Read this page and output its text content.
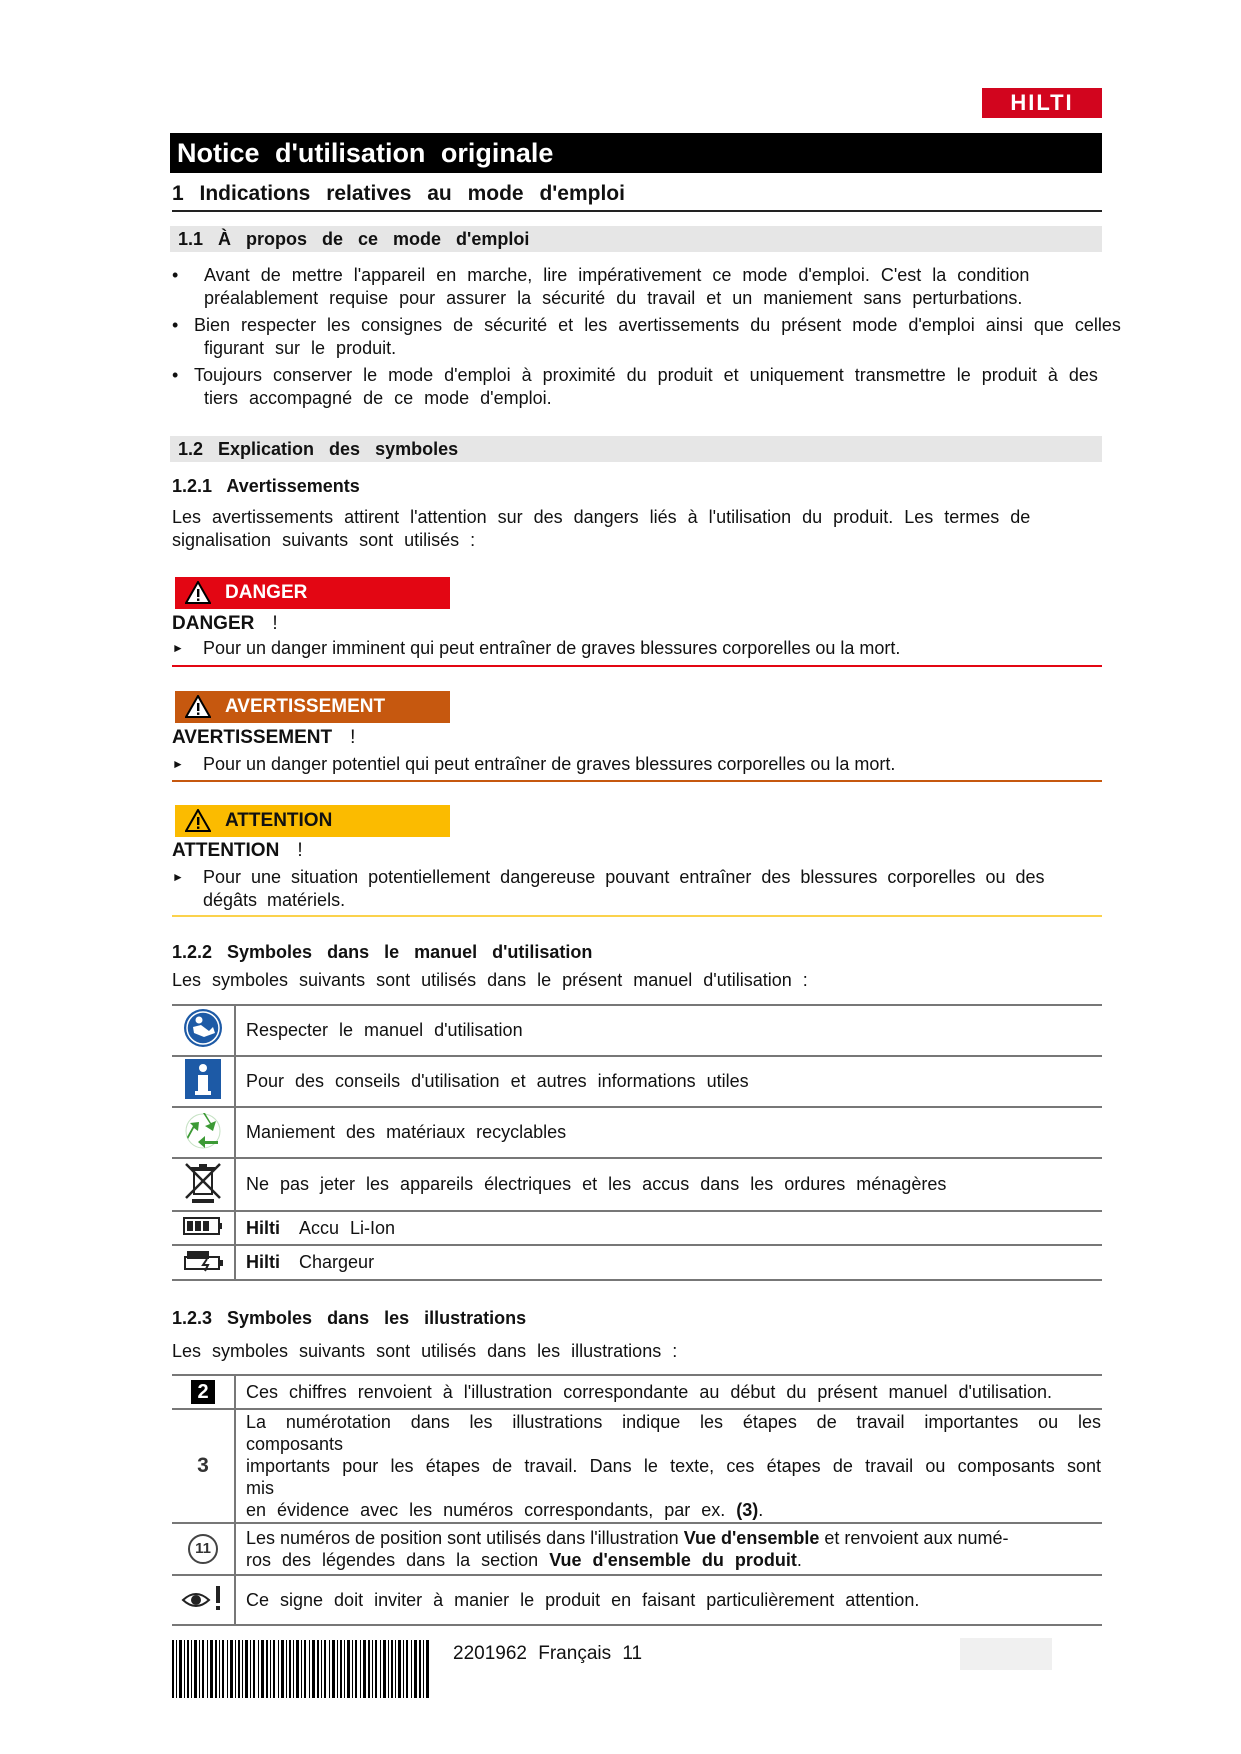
HILTI
Notice d'utilisation originale
1 Indications relatives au mode d'emploi
1.1 À propos de ce mode d'emploi
•	Avant de mettre l'appareil en marche, lire impérativement ce mode d'emploi. C'est la condition
préalablement requise pour assurer la sécurité du travail et un maniement sans perturbations.
• Bien respecter les consignes de sécurité et les avertissements du présent mode d'emploi ainsi que celles
figurant sur le produit.
• Toujours conserver le mode d'emploi à proximité du produit et uniquement transmettre le produit à des
tiers accompagné de ce mode d'emploi.
1.2 Explication des symboles
1.2.1 Avertissements
Les avertissements attirent l'attention sur des dangers liés à l'utilisation du produit. Les termes de
signalisation suivants sont utilisés :
DANGER
DANGER !
►	Pour un danger imminent qui peut entraîner de graves blessures corporelles ou la mort.
AVERTISSEMENT
AVERTISSEMENT !
►	Pour un danger potentiel qui peut entraîner de graves blessures corporelles ou la mort.
ATTENTION
ATTENTION !
►	Pour une situation potentiellement dangereuse pouvant entraîner des blessures corporelles ou des
dégâts matériels.
1.2.2 Symboles dans le manuel d'utilisation
Les symboles suivants sont utilisés dans le présent manuel d'utilisation :
	Respecter le manuel d'utilisation
	Pour des conseils d'utilisation et autres informations utiles
	Maniement des matériaux recyclables
	Ne pas jeter les appareils électriques et les accus dans les ordures ménagères
	Hilti Accu Li-Ion
	Hilti Chargeur
1.2.3 Symboles dans les illustrations
Les symboles suivants sont utilisés dans les illustrations :
2	Ces chiffres renvoient à l'illustration correspondante au début du présent manuel d'utilisation.
3	La numérotation dans les illustrations indique les étapes de travail importantes ou les composants
importants pour les étapes de travail. Dans le texte, ces étapes de travail ou composants sont mis
en évidence avec les numéros correspondants, par ex. (3).

11	Les numéros de position sont utilisés dans l'illustration Vue d'ensemble et renvoient aux numé-
ros des légendes dans la section Vue d'ensemble du produit.

	Ce signe doit inviter à manier le produit en faisant particulièrement attention.
2201962 Français 11
